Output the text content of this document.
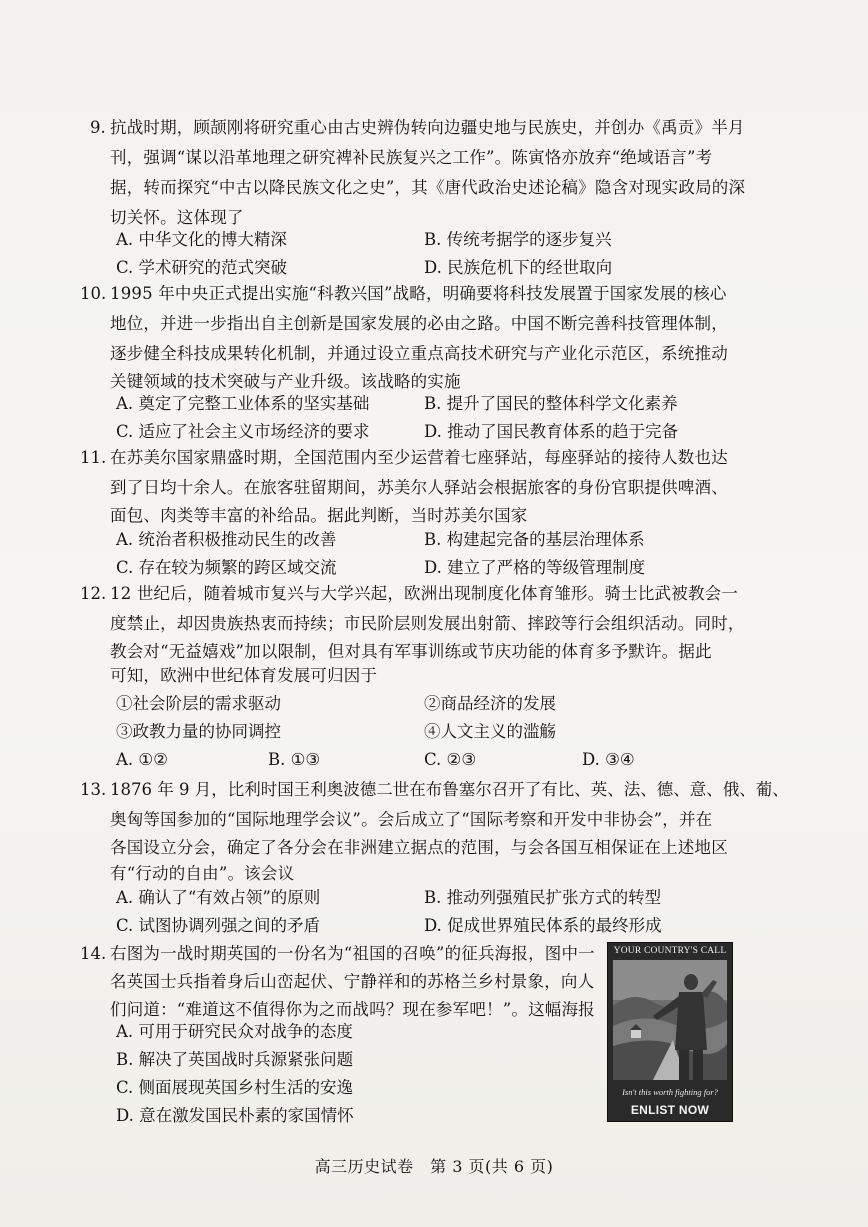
9. 抗战时期，顾颉刚将研究重心由古史辨伪转向边疆史地与民族史，并创办《禹贡》半月
刊，强调“谋以沿革地理之研究裨补民族复兴之工作”。陈寅恪亦放弃“绝域语言”考
据，转而探究“中古以降民族文化之史”，其《唐代政治史述论稿》隐含对现实政局的深
切关怀。这体现了
A. 中华文化的博大精深	B. 传统考据学的逐步复兴
C. 学术研究的范式突破	D. 民族危机下的经世取向
10. 1995 年中央正式提出实施“科教兴国”战略，明确要将科技发展置于国家发展的核心
地位，并进一步指出自主创新是国家发展的必由之路。中国不断完善科技管理体制，
逐步健全科技成果转化机制，并通过设立重点高技术研究与产业化示范区，系统推动
关键领域的技术突破与产业升级。该战略的实施
A. 奠定了完整工业体系的坚实基础	B. 提升了国民的整体科学文化素养
C. 适应了社会主义市场经济的要求	D. 推动了国民教育体系的趋于完备
11. 在苏美尔国家鼎盛时期，全国范围内至少运营着七座驿站，每座驿站的接待人数也达
到了日均十余人。在旅客驻留期间，苏美尔人驿站会根据旅客的身份官职提供啤酒、
面包、肉类等丰富的补给品。据此判断，当时苏美尔国家
A. 统治者积极推动民生的改善	B. 构建起完备的基层治理体系
C. 存在较为频繁的跨区域交流	D. 建立了严格的等级管理制度
12. 12 世纪后，随着城市复兴与大学兴起，欧洲出现制度化体育雏形。骑士比武被教会一
度禁止，却因贵族热衷而持续；市民阶层则发展出射箭、摔跤等行会组织活动。同时，
教会对“无益嬉戏”加以限制，但对具有军事训练或节庆功能的体育多予默许。据此
可知，欧洲中世纪体育发展可归因于
①社会阶层的需求驱动	②商品经济的发展
③政教力量的协同调控	④人文主义的滥觞
A. ①②	B. ①③	C. ②③	D. ③④
13. 1876 年 9 月，比利时国王利奥波德二世在布鲁塞尔召开了有比、英、法、德、意、俄、葡、
奥匈等国参加的“国际地理学会议”。会后成立了“国际考察和开发中非协会”，并在
各国设立分会，确定了各分会在非洲建立据点的范围，与会各国互相保证在上述地区
有“行动的自由”。该会议
A. 确认了“有效占领”的原则	B. 推动列强殖民扩张方式的转型
C. 试图协调列强之间的矛盾	D. 促成世界殖民体系的最终形成
14. 右图为一战时期英国的一份名为“祖国的召唤”的征兵海报，图中一
名英国士兵指着身后山峦起伏、宁静祥和的苏格兰乡村景象，向人
们问道：“难道这不值得你为之而战吗？现在参军吧！”。这幅海报
A. 可用于研究民众对战争的态度
B. 解决了英国战时兵源紧张问题
C. 侧面展现英国乡村生活的安逸
D. 意在激发国民朴素的家国情怀
YOUR COUNTRY'S CALL
Isn't this worth fighting for?
ENLIST NOW
高三历史试卷　第 3 页(共 6 页)
